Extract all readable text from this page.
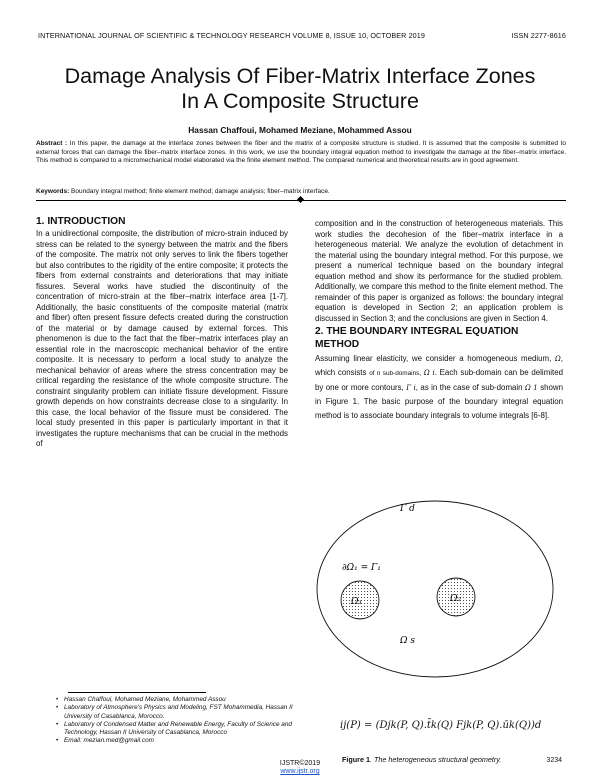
INTERNATIONAL JOURNAL OF SCIENTIFIC & TECHNOLOGY RESEARCH VOLUME 8, ISSUE 10, OCTOBER 2019	ISSN 2277-8616
Damage Analysis Of Fiber-Matrix Interface Zones
In A Composite Structure
Hassan Chaffoui, Mohamed Meziane, Mohammed Assou
Abstract : In this paper, the damage at the interface zones between the fiber and the matrix of a composite structure is studied. It is assumed that the composite is submitted to external forces that can damage the fiber–matrix interface zones. In this work, we use the boundary integral equation method to investigate the damage at the fiber–matrix interface. This method is compared to a micromechanical model elaborated via the finite element method. The compared numerical and theoretical results are in good agreement.
Keywords: Boundary integral method; finite element method; damage analysis; fiber–matrix interface.
1. INTRODUCTION
In a unidirectional composite, the distribution of micro-strain induced by stress can be related to the synergy between the matrix and the fibers of the composite. The matrix not only serves to link the fibers together but also contributes to the rigidity of the entire composite; it protects the fibers from external constraints and deteriorations that may initiate fissures. Several works have studied the discontinuity of the concentration of micro-strain at the fiber–matrix interface area [1-7]. Additionally, the basic constituents of the composite material (matrix and fiber) often present fissure defects created during the construction of the material or by damage caused by external forces. This phenomenon is due to the fact that the fiber–matrix interfaces play an essential role in the macroscopic mechanical behavior of the entire composite. It is necessary to perform a local study to analyze the mechanical behavior of areas where the stress concentration may be critical regarding the resistance of the whole composite structure. The constraint singularity problem can initiate fissure development. Fissure growth depends on how constraints decrease close to a singularity. In this case, the local behavior of the fissure must be considered. The local study presented in this paper is particularly important in that it investigates the rupture mechanisms that can be crucial in the methods of
composition and in the construction of heterogeneous materials. This work studies the decohesion of the fiber–matrix interface in a heterogeneous material. We analyze the evolution of detachment in the material using the boundary integral method. For this purpose, we present a numerical technique based on the boundary integral equation method and show its performance for the studied problem. Additionally, we compare this method to the finite element method. The remainder of this paper is organized as follows: the boundary integral equation is developed in Section 2; an application problem is discussed in Section 3; and the conclusions are given in Section 4.
2. THE BOUNDARY INTEGRAL EQUATION METHOD
Assuming linear elasticity, we consider a homogeneous medium, Ω, which consists of n sub-domains, Ω i. Each sub-domain can be delimited by one or more contours, Γ i, as in the case of sub-domain Ω 1 shown in Figure 1. The basic purpose of the boundary integral equation method is to associate boundary integrals to volume integrals [6-8].
Γ d
∂Ω₁ = Γ₁
Ω₁	Ω₂
Ω s
ij(P) = (Djk(P, Q).t̄k(Q) Fjk(P, Q).ūk(Q))d
Figure 1. The heterogeneous structural geometry.
• Hassan Chaffoui, Mohamed Meziane, Mohammed Assou
• Laboratory of Atmosphere's Physics and Modeling, FST Mohammedia, Hassan II University of Casablanca, Morocco.
• Laboratory of Condensed Matter and Renewable Energy, Faculty of Science and Technology, Hassan II University of Casablanca, Morocco
• Email: mezian.med@gmail.com
3234
IJSTR©2019
www.ijstr.org
